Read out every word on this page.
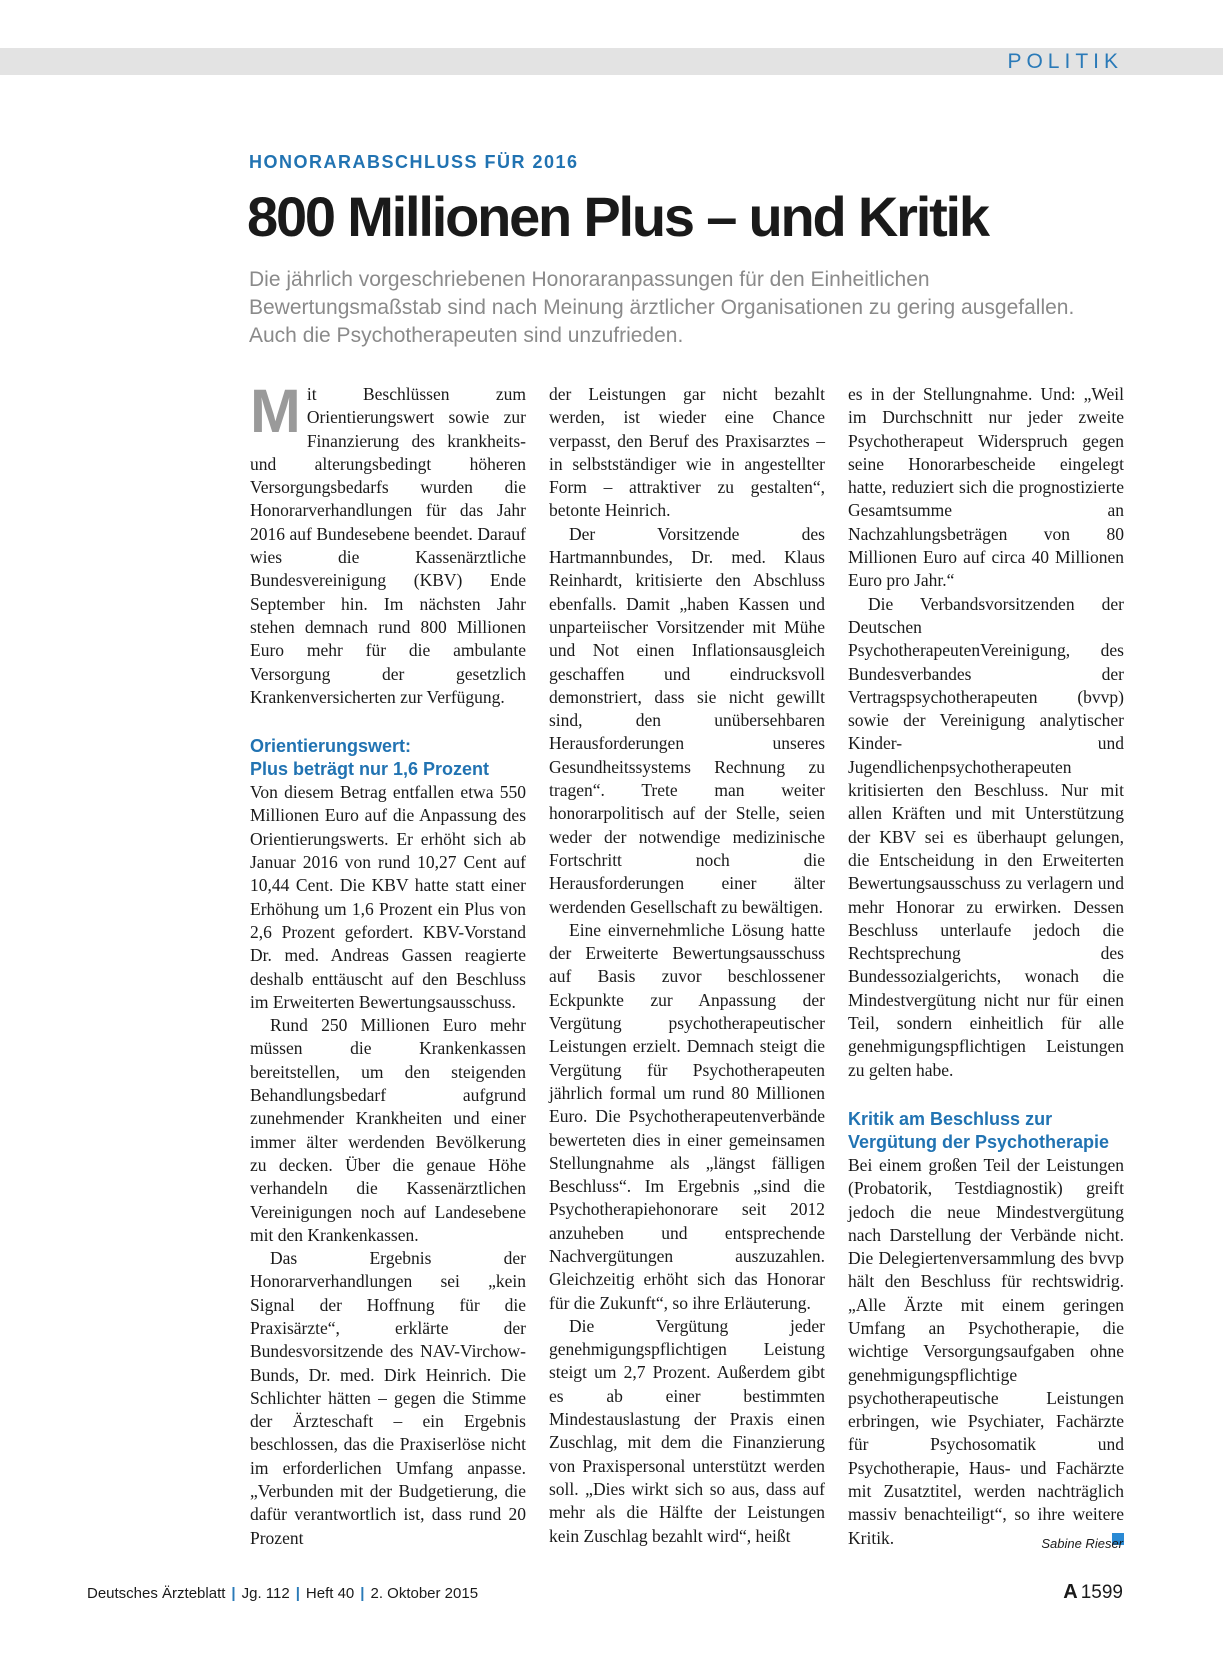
POLITIK
HONORARABSCHLUSS FÜR 2016
800 Millionen Plus – und Kritik

Die jährlich vorgeschriebenen Honoraranpassungen für den Einheitlichen Bewertungsmaßstab sind nach Meinung ärztlicher Organisationen zu gering ausgefallen. Auch die Psychotherapeuten sind unzufrieden.

Mit Beschlüssen zum Orientierungswert sowie zur Finanzierung des krankheits- und alterungsbedingt höheren Versorgungsbedarfs wurden die Honorarverhandlungen für das Jahr 2016 auf Bundesebene beendet. Darauf wies die Kassenärztliche Bundesvereinigung (KBV) Ende September hin. Im nächsten Jahr stehen demnach rund 800 Millionen Euro mehr für die ambulante Versorgung der gesetzlich Krankenversicherten zur Verfügung.

Orientierungswert:
Plus beträgt nur 1,6 Prozent

Von diesem Betrag entfallen etwa 550 Millionen Euro auf die Anpassung des Orientierungswerts. Er erhöht sich ab Januar 2016 von rund 10,27 Cent auf 10,44 Cent. Die KBV hatte statt einer Erhöhung um 1,6 Prozent ein Plus von 2,6 Prozent gefordert. KBV-Vorstand Dr. med. Andreas Gassen reagierte deshalb enttäuscht auf den Beschluss im Erweiterten Bewertungsausschuss.

Rund 250 Millionen Euro mehr müssen die Krankenkassen bereitstellen, um den steigenden Behandlungsbedarf aufgrund zunehmender Krankheiten und einer immer älter werdenden Bevölkerung zu decken. Über die genaue Höhe verhandeln die Kassenärztlichen Vereinigungen noch auf Landesebene mit den Krankenkassen.

Das Ergebnis der Honorarverhandlungen sei „kein Signal der Hoffnung für die Praxisärzte“, erklärte der Bundesvorsitzende des NAV-Virchow-Bunds, Dr. med. Dirk Heinrich. Die Schlichter hätten – gegen die Stimme der Ärzteschaft – ein Ergebnis beschlossen, das die Praxiserlöse nicht im erforderlichen Umfang anpasse. „Verbunden mit der Budgetierung, die dafür verantwortlich ist, dass rund 20 Prozent

der Leistungen gar nicht bezahlt werden, ist wieder eine Chance verpasst, den Beruf des Praxisarztes – in selbstständiger wie in angestellter Form – attraktiver zu gestalten“, betonte Heinrich.

Der Vorsitzende des Hartmannbundes, Dr. med. Klaus Reinhardt, kritisierte den Abschluss ebenfalls. Damit „haben Kassen und unparteiischer Vorsitzender mit Mühe und Not einen Inflationsausgleich geschaffen und eindrucksvoll demonstriert, dass sie nicht gewillt sind, den unübersehbaren Herausforderungen unseres Gesundheitssystems Rechnung zu tragen“. Trete man weiter honorarpolitisch auf der Stelle, seien weder der notwendige medizinische Fortschritt noch die Herausforderungen einer älter werdenden Gesellschaft zu bewältigen.

Eine einvernehmliche Lösung hatte der Erweiterte Bewertungsausschuss auf Basis zuvor beschlossener Eckpunkte zur Anpassung der Vergütung psychotherapeutischer Leistungen erzielt. Demnach steigt die Vergütung für Psychotherapeuten jährlich formal um rund 80 Millionen Euro. Die Psychotherapeutenverbände bewerteten dies in einer gemeinsamen Stellungnahme als „längst fälligen Beschluss“. Im Ergebnis „sind die Psychotherapiehonorare seit 2012 anzuheben und entsprechende Nachvergütungen auszuzahlen. Gleichzeitig erhöht sich das Honorar für die Zukunft“, so ihre Erläuterung.

Die Vergütung jeder genehmigungspflichtigen Leistung steigt um 2,7 Prozent. Außerdem gibt es ab einer bestimmten Mindestauslastung der Praxis einen Zuschlag, mit dem die Finanzierung von Praxispersonal unterstützt werden soll. „Dies wirkt sich so aus, dass auf mehr als die Hälfte der Leistungen kein Zuschlag bezahlt wird“, heißt

es in der Stellungnahme. Und: „Weil im Durchschnitt nur jeder zweite Psychotherapeut Widerspruch gegen seine Honorarbescheide eingelegt hatte, reduziert sich die prognostizierte Gesamtsumme an Nachzahlungsbeträgen von 80 Millionen Euro auf circa 40 Millionen Euro pro Jahr.“

Die Verbandsvorsitzenden der Deutschen PsychotherapeutenVereinigung, des Bundesverbandes der Vertragspsychotherapeuten (bvvp) sowie der Vereinigung analytischer Kinder- und Jugendlichenpsychotherapeuten kritisierten den Beschluss. Nur mit allen Kräften und mit Unterstützung der KBV sei es überhaupt gelungen, die Entscheidung in den Erweiterten Bewertungsausschuss zu verlagern und mehr Honorar zu erwirken. Dessen Beschluss unterlaufe jedoch die Rechtsprechung des Bundessozialgerichts, wonach die Mindestvergütung nicht nur für einen Teil, sondern einheitlich für alle genehmigungspflichtigen Leistungen zu gelten habe.

Kritik am Beschluss zur
Vergütung der Psychotherapie

Bei einem großen Teil der Leistungen (Probatorik, Testdiagnostik) greift jedoch die neue Mindestvergütung nach Darstellung der Verbände nicht. Die Delegiertenversammlung des bvvp hält den Beschluss für rechtswidrig. „Alle Ärzte mit einem geringen Umfang an Psychotherapie, die wichtige Versorgungsaufgaben ohne genehmigungspflichtige psychotherapeutische Leistungen erbringen, wie Psychiater, Fachärzte für Psychosomatik und Psychotherapie, Haus- und Fachärzte mit Zusatztitel, werden nachträglich massiv benachteiligt“, so ihre weitere Kritik.	Sabine Rieser
Deutsches Ärzteblatt | Jg. 112 | Heft 40 | 2. Oktober 2015	A 1599
